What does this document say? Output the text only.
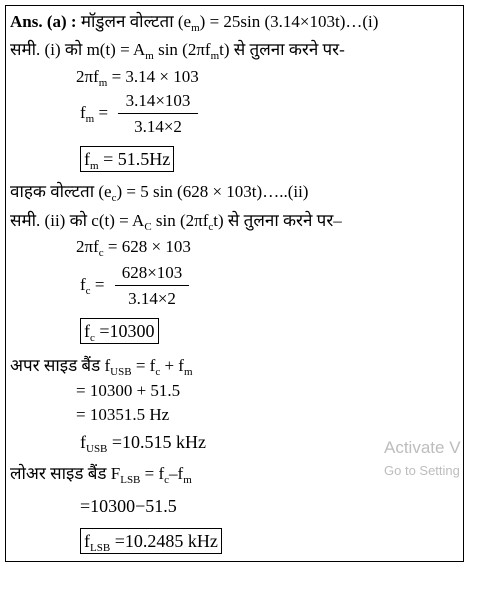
Ans. (a) : मॉडुलन वोल्टता $(e_m) = 25\sin$ (3.14×103t)…(i)
समी. (i) को $m(t) = A_m$ $\sin (2\pi f_mt)$ से तुलना करने पर-
$2\pi f_m = 3.14 \times 103$
$f_m$ =
3.14×103
3.14×2
$f_m = 51.5Hz$
वाहक वोल्टता $(e_c) = 5$ sin (628 × 103t)…..(ii)
समी. (ii) को $c(t) = A_C$ $\sin (2\pi f_ct)$ से तुलना करने पर–
$2\pi f_c = 628 \times 103$
$f_c$ =
628×103
3.14×2
$f_c =10300$
अपर साइड बैंड $f_{USB} = f_c + f_m$
= 10300 + 51.5
= 10351.5 Hz
$f_{USB} =10.515$ kHz
लोअर साइड बैंड $F_{LSB} = f_c-f_m$
=10300−51.5
$f_{LSB} =10.2485$ kHz
Activate V
Go to Setting
